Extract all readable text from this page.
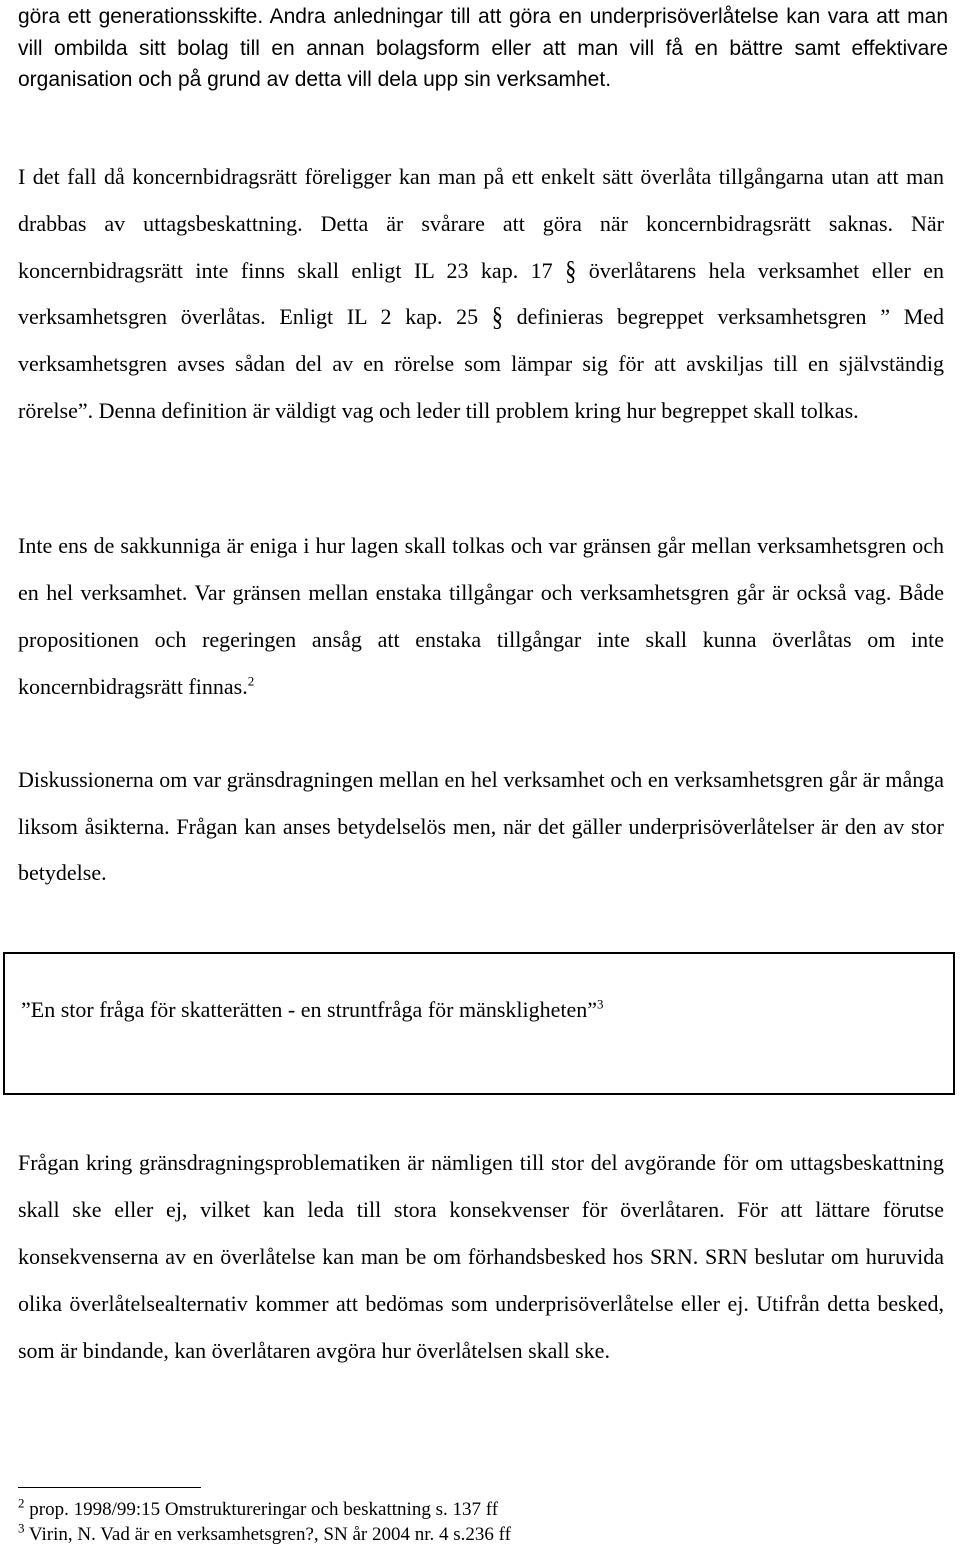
göra ett generationsskifte. Andra anledningar till att göra en underprisöverlåtelse kan vara att man vill ombilda sitt bolag till en annan bolagsform eller att man vill få en bättre samt effektivare organisation och på grund av detta vill dela upp sin verksamhet.
I det fall då koncernbidragsrätt föreligger kan man på ett enkelt sätt överlåta tillgångarna utan att man drabbas av uttagsbeskattning. Detta är svårare att göra när koncernbidragsrätt saknas. När koncernbidragsrätt inte finns skall enligt IL 23 kap. 17 § överlåtarens hela verksamhet eller en verksamhetsgren överlåtas. Enligt IL 2 kap. 25 § definieras begreppet verksamhetsgren ” Med verksamhetsgren avses sådan del av en rörelse som lämpar sig för att avskiljas till en självständig rörelse”. Denna definition är väldigt vag och leder till problem kring hur begreppet skall tolkas.
Inte ens de sakkunniga är eniga i hur lagen skall tolkas och var gränsen går mellan verksamhetsgren och en hel verksamhet. Var gränsen mellan enstaka tillgångar och verksamhetsgren går är också vag. Både propositionen och regeringen ansåg att enstaka tillgångar inte skall kunna överlåtas om inte koncernbidragsrätt finnas.$^2$
Diskussionerna om var gränsdragningen mellan en hel verksamhet och en verksamhetsgren går är många liksom åsikterna. Frågan kan anses betydelselös men, när det gäller underprisöverlåtelser är den av stor betydelse.
”En stor fråga för skatterätten - en struntfråga för mänskligheten”$^3$
Frågan kring gränsdragningsproblematiken är nämligen till stor del avgörande för om uttagsbeskattning skall ske eller ej, vilket kan leda till stora konsekvenser för överlåtaren. För att lättare förutse konsekvenserna av en överlåtelse kan man be om förhandsbesked hos SRN. SRN beslutar om huruvida olika överlåtelsealternativ kommer att bedömas som underprisöverlåtelse eller ej. Utifrån detta besked, som är bindande, kan överlåtaren avgöra hur överlåtelsen skall ske.
$^2$ prop. 1998/99:15 Omstruktureringar och beskattning s. 137 ff
$^3$ Virin, N. Vad är en verksamhetsgren?, SN år 2004 nr. 4 s.236 ff
